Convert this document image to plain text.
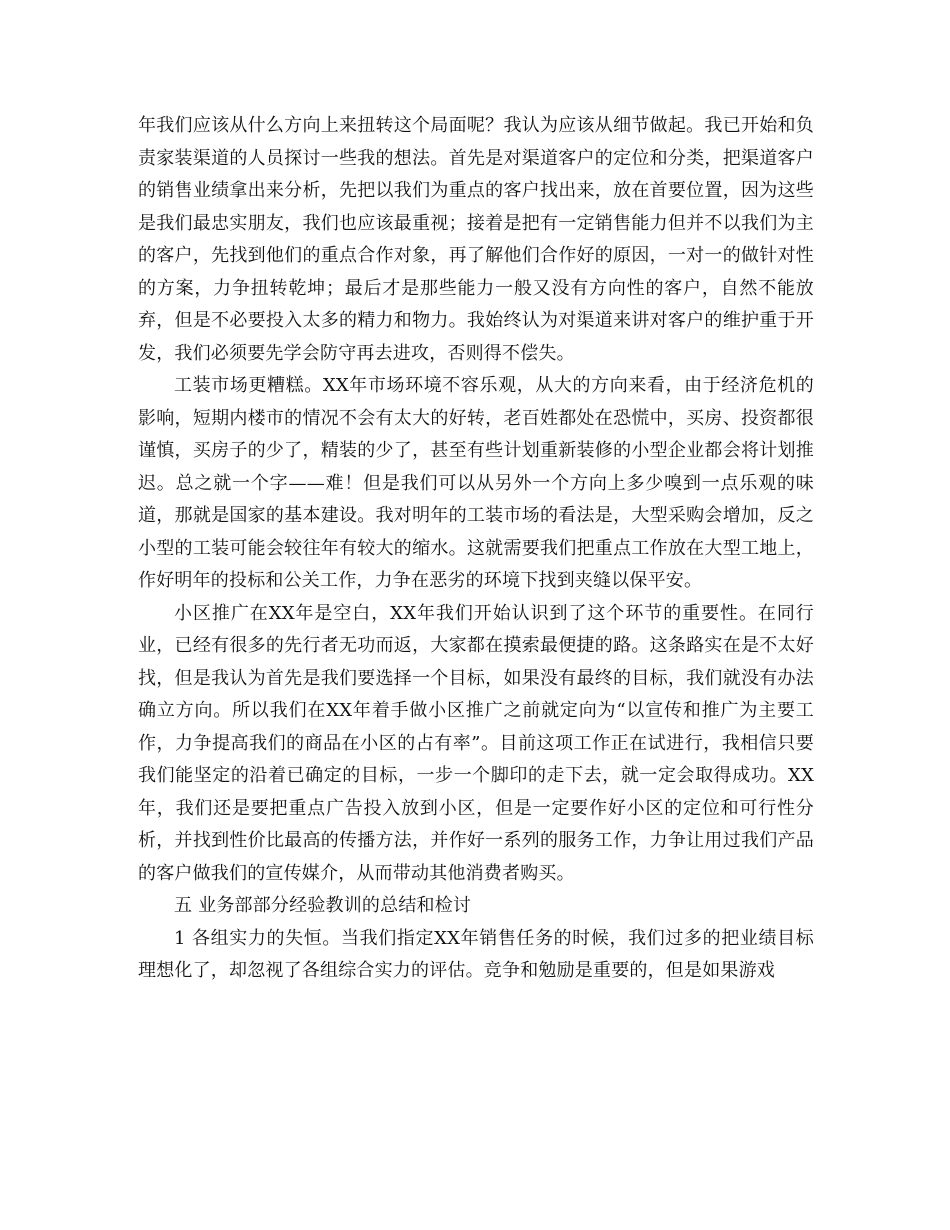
年我们应该从什么方向上来扭转这个局面呢？我认为应该从细节做起。我已开始和负责家装渠道的人员探讨一些我的想法。首先是对渠道客户的定位和分类，把渠道客户的销售业绩拿出来分析，先把以我们为重点的客户找出来，放在首要位置，因为这些是我们最忠实朋友，我们也应该最重视；接着是把有一定销售能力但并不以我们为主的客户，先找到他们的重点合作对象，再了解他们合作好的原因，一对一的做针对性的方案，力争扭转乾坤；最后才是那些能力一般又没有方向性的客户，自然不能放弃，但是不必要投入太多的精力和物力。我始终认为对渠道来讲对客户的维护重于开发，我们必须要先学会防守再去进攻，否则得不偿失。

工装市场更糟糕。XX年市场环境不容乐观，从大的方向来看，由于经济危机的影响，短期内楼市的情况不会有太大的好转，老百姓都处在恐慌中，买房、投资都很谨慎，买房子的少了，精装的少了，甚至有些计划重新装修的小型企业都会将计划推迟。总之就一个字——难！但是我们可以从另外一个方向上多少嗅到一点乐观的味道，那就是国家的基本建设。我对明年的工装市场的看法是，大型采购会增加，反之小型的工装可能会较往年有较大的缩水。这就需要我们把重点工作放在大型工地上，作好明年的投标和公关工作，力争在恶劣的环境下找到夹缝以保平安。

小区推广在XX年是空白，XX年我们开始认识到了这个环节的重要性。在同行业，已经有很多的先行者无功而返，大家都在摸索最便捷的路。这条路实在是不太好找，但是我认为首先是我们要选择一个目标，如果没有最终的目标，我们就没有办法确立方向。所以我们在XX年着手做小区推广之前就定向为“以宣传和推广为主要工作，力争提高我们的商品在小区的占有率”。目前这项工作正在试进行，我相信只要我们能坚定的沿着已确定的目标，一步一个脚印的走下去，就一定会取得成功。XX年，我们还是要把重点广告投入放到小区，但是一定要作好小区的定位和可行性分析，并找到性价比最高的传播方法，并作好一系列的服务工作，力争让用过我们产品的客户做我们的宣传媒介，从而带动其他消费者购买。

五 业务部部分经验教训的总结和检讨

1 各组实力的失恒。当我们指定XX年销售任务的时候，我们过多的把业绩目标理想化了，却忽视了各组综合实力的评估。竞争和勉励是重要的，但是如果游戏
